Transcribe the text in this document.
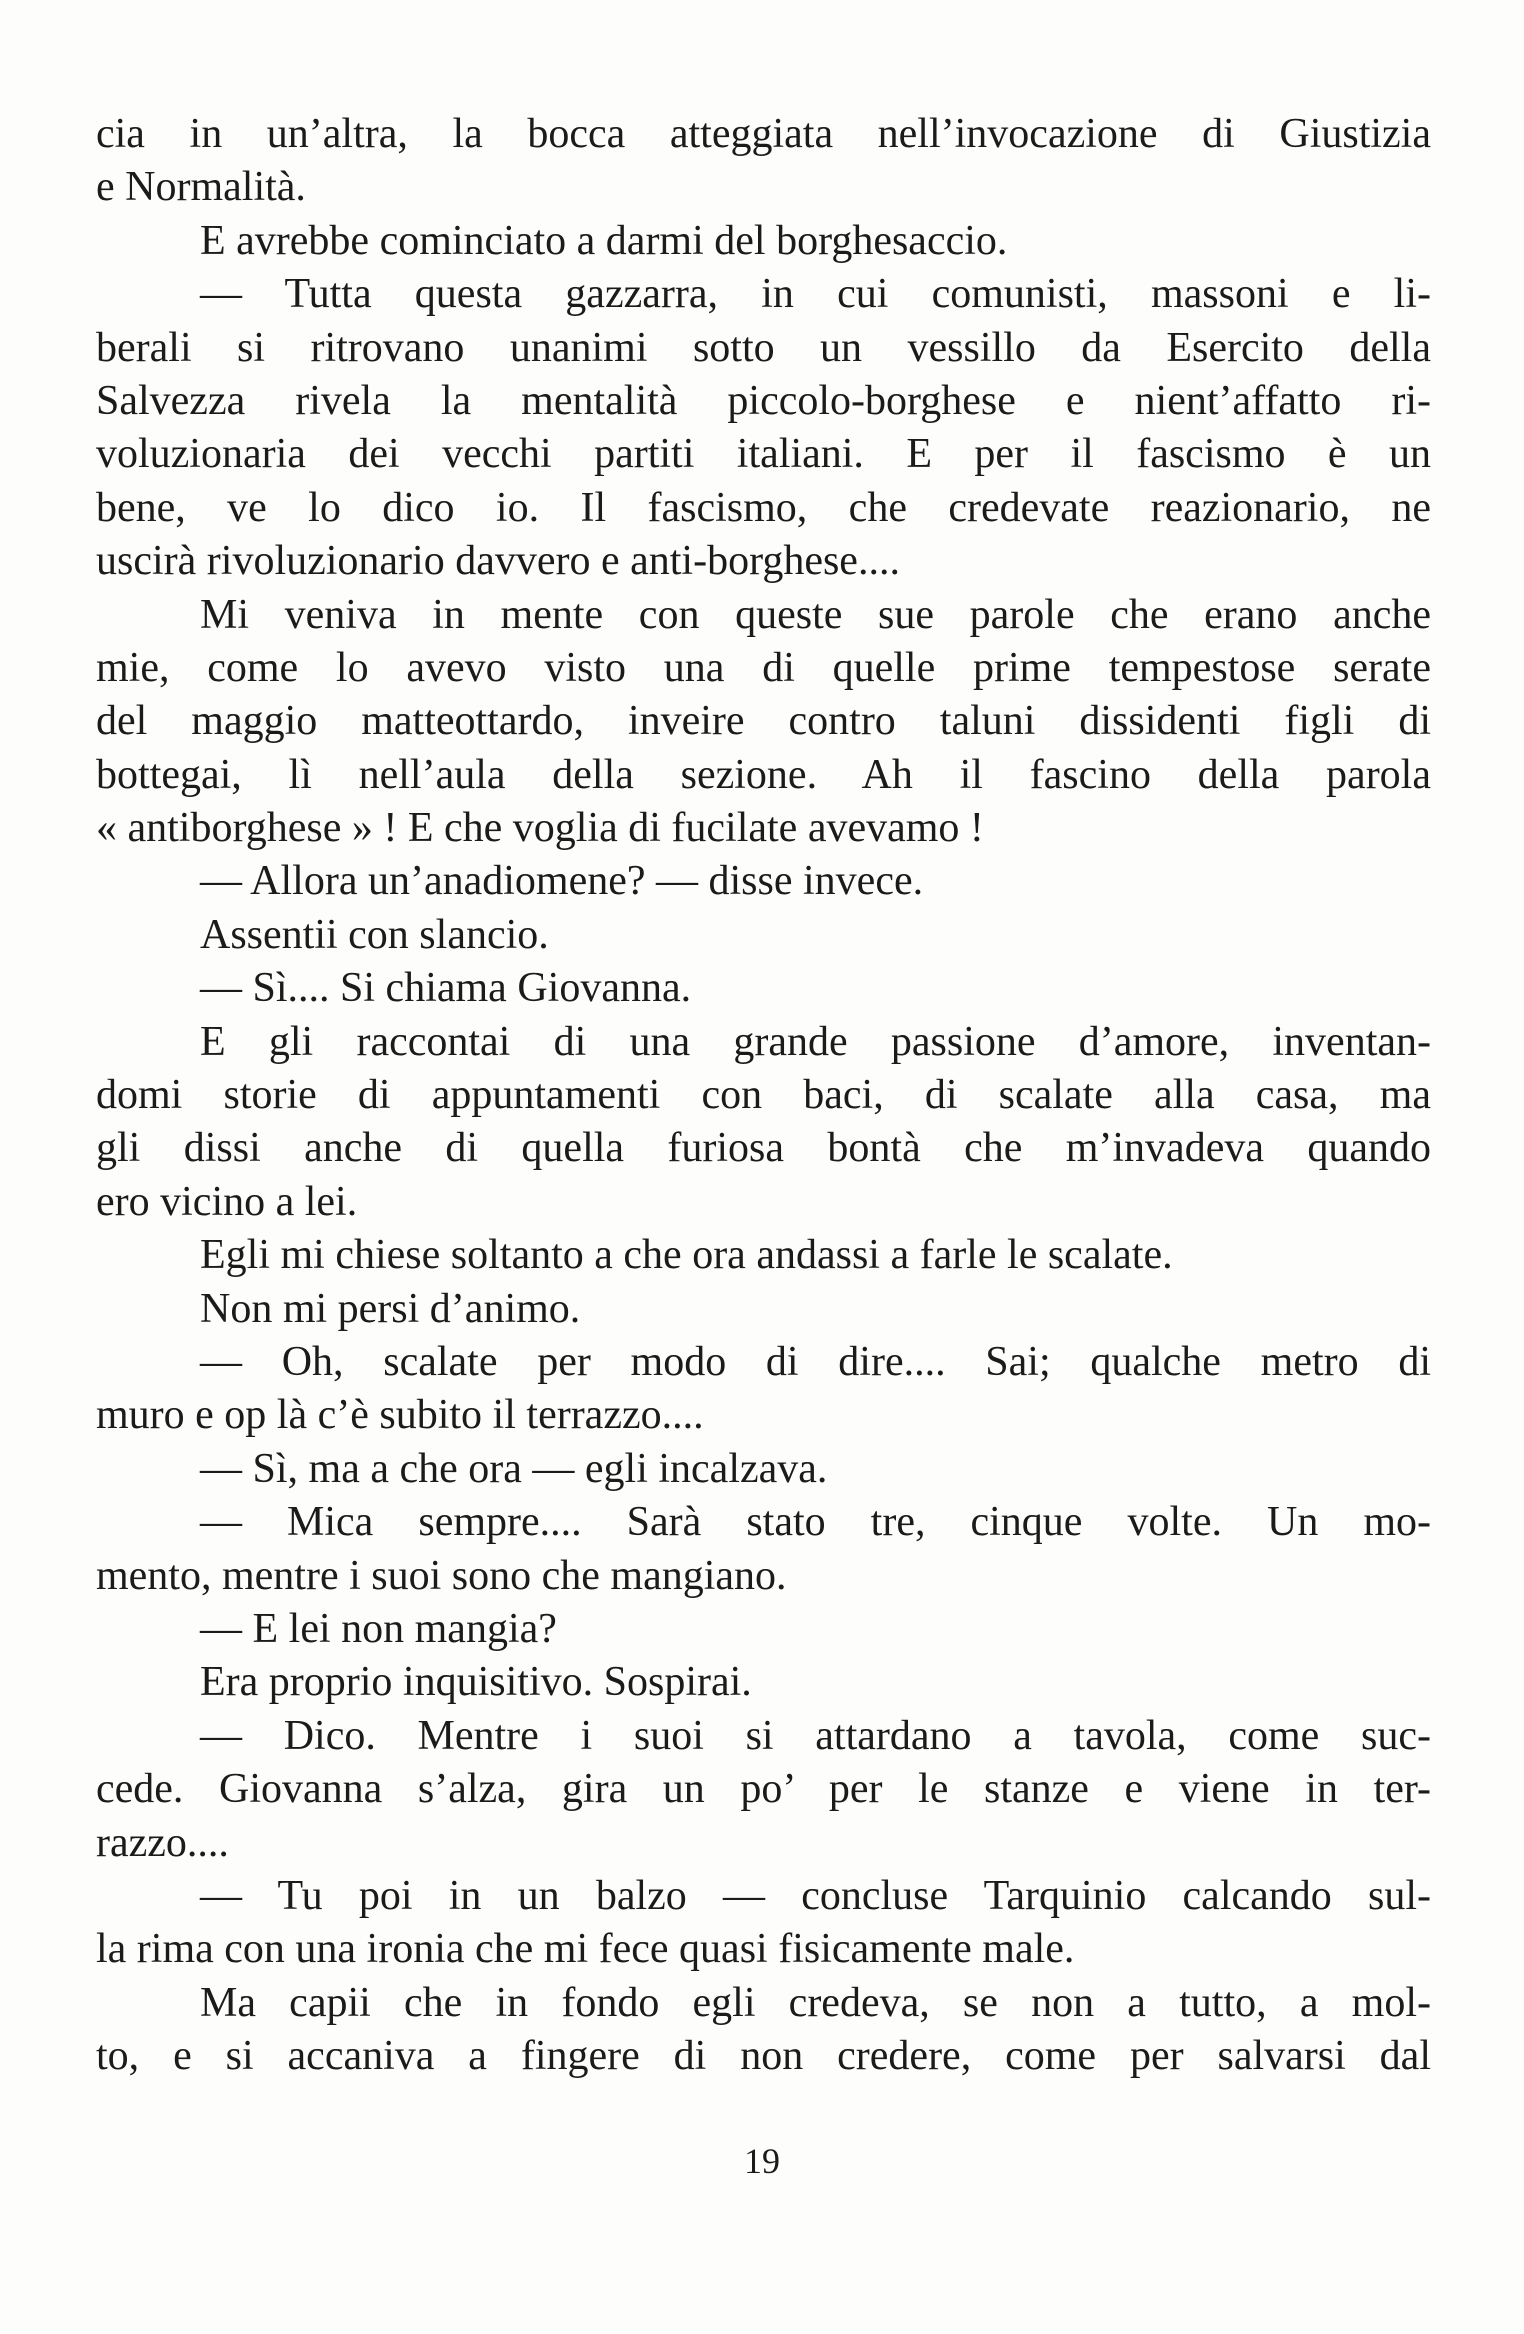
cia in un’altra, la bocca atteggiata nell’invocazione di Giustizia
e Normalità.
E avrebbe cominciato a darmi del borghesaccio.
— Tutta questa gazzarra, in cui comunisti, massoni e li-
berali si ritrovano unanimi sotto un vessillo da Esercito della
Salvezza rivela la mentalità piccolo-borghese e nient’affatto ri-
voluzionaria dei vecchi partiti italiani. E per il fascismo è un
bene, ve lo dico io. Il fascismo, che credevate reazionario, ne
uscirà rivoluzionario davvero e anti-borghese....
Mi veniva in mente con queste sue parole che erano anche
mie, come lo avevo visto una di quelle prime tempestose serate
del maggio matteottardo, inveire contro taluni dissidenti figli di
bottegai, lì nell’aula della sezione. Ah il fascino della parola
« antiborghese » ! E che voglia di fucilate avevamo !
— Allora un’anadiomene? — disse invece.
Assentii con slancio.
— Sì.... Si chiama Giovanna.
E gli raccontai di una grande passione d’amore, inventan-
domi storie di appuntamenti con baci, di scalate alla casa, ma
gli dissi anche di quella furiosa bontà che m’invadeva quando
ero vicino a lei.
Egli mi chiese soltanto a che ora andassi a farle le scalate.
Non mi persi d’animo.
— Oh, scalate per modo di dire.... Sai; qualche metro di
muro e op là c’è subito il terrazzo....
— Sì, ma a che ora — egli incalzava.
— Mica sempre.... Sarà stato tre, cinque volte. Un mo-
mento, mentre i suoi sono che mangiano.
— E lei non mangia?
Era proprio inquisitivo. Sospirai.
— Dico. Mentre i suoi si attardano a tavola, come suc-
cede. Giovanna s’alza, gira un po’ per le stanze e viene in ter-
razzo....
— Tu poi in un balzo — concluse Tarquinio calcando sul-
la rima con una ironia che mi fece quasi fisicamente male.
Ma capii che in fondo egli credeva, se non a tutto, a mol-
to, e si accaniva a fingere di non credere, come per salvarsi dal
19
